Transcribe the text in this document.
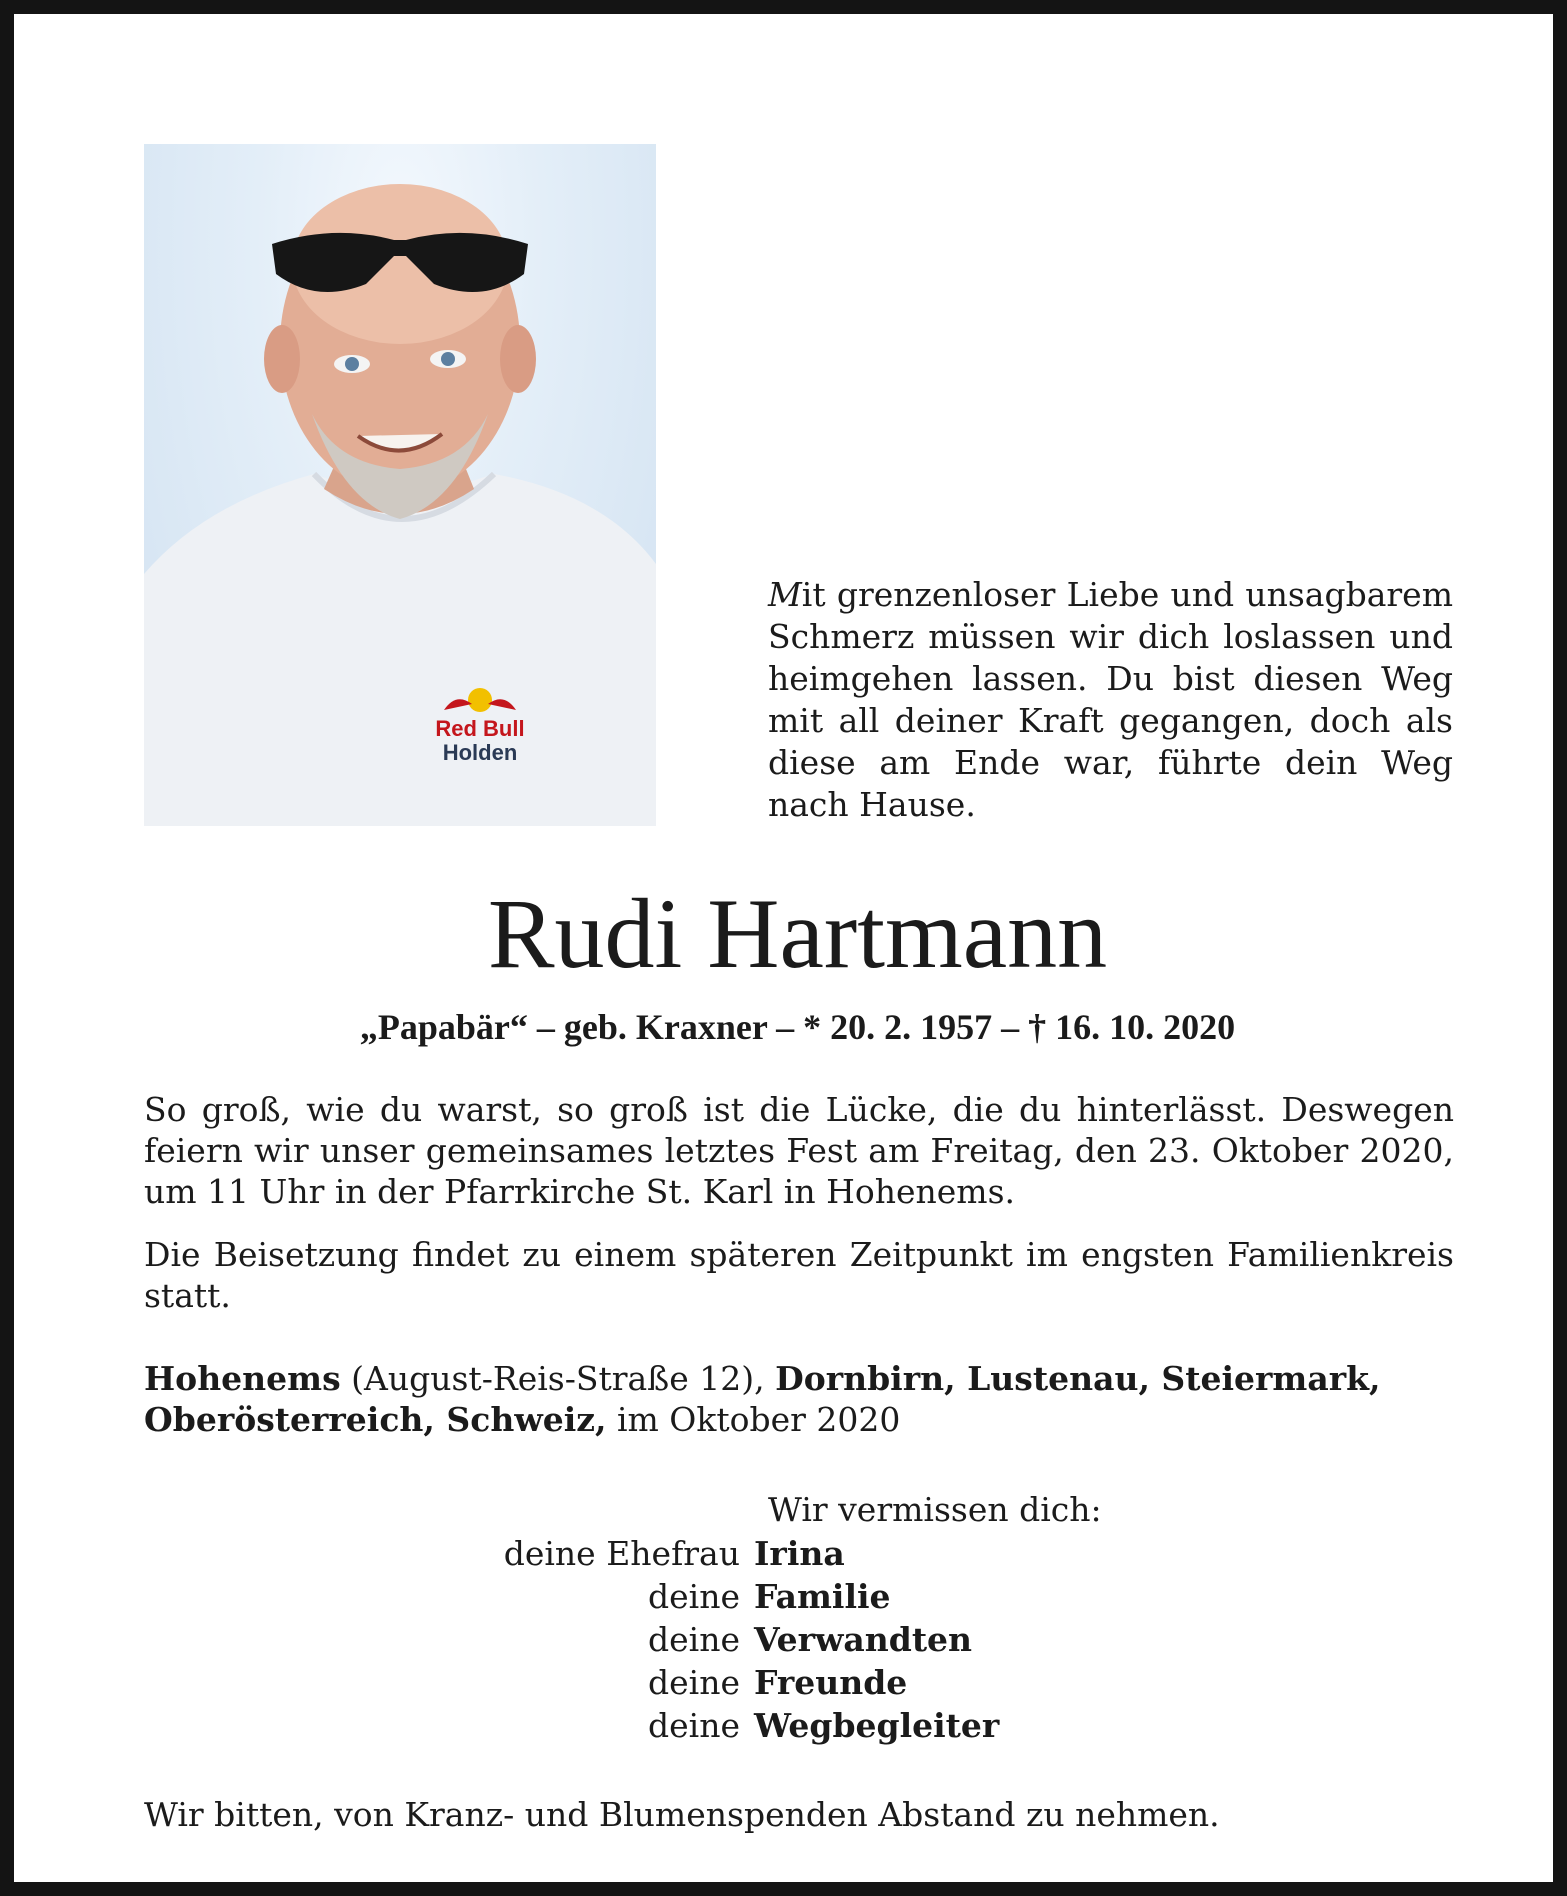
Red Bull
Holden
Mit grenzenloser Liebe und unsagbarem Schmerz müssen wir dich loslassen und heimgehen lassen. Du bist diesen Weg mit all deiner Kraft gegangen, doch als diese am Ende war, führte dein Weg nach Hause.
Rudi Hartmann
„Papabär“ – geb. Kraxner – * 20. 2. 1957 – † 16. 10. 2020
So groß, wie du warst, so groß ist die Lücke, die du hinterlässt. Deswegen feiern wir unser gemeinsames letztes Fest am Freitag, den 23. Oktober 2020, um 11 Uhr in der Pfarrkirche St. Karl in Hohenems.
Die Beisetzung findet zu einem späteren Zeitpunkt im engsten Familienkreis statt.
Hohenems (August-Reis-Straße 12), Dornbirn, Lustenau, Steiermark,
Oberösterreich, Schweiz, im Oktober 2020
Wir vermissen dich:
deine Ehefrau Irina
deine Familie
deine Verwandten
deine Freunde
deine Wegbegleiter
Wir bitten, von Kranz- und Blumenspenden Abstand zu nehmen.
